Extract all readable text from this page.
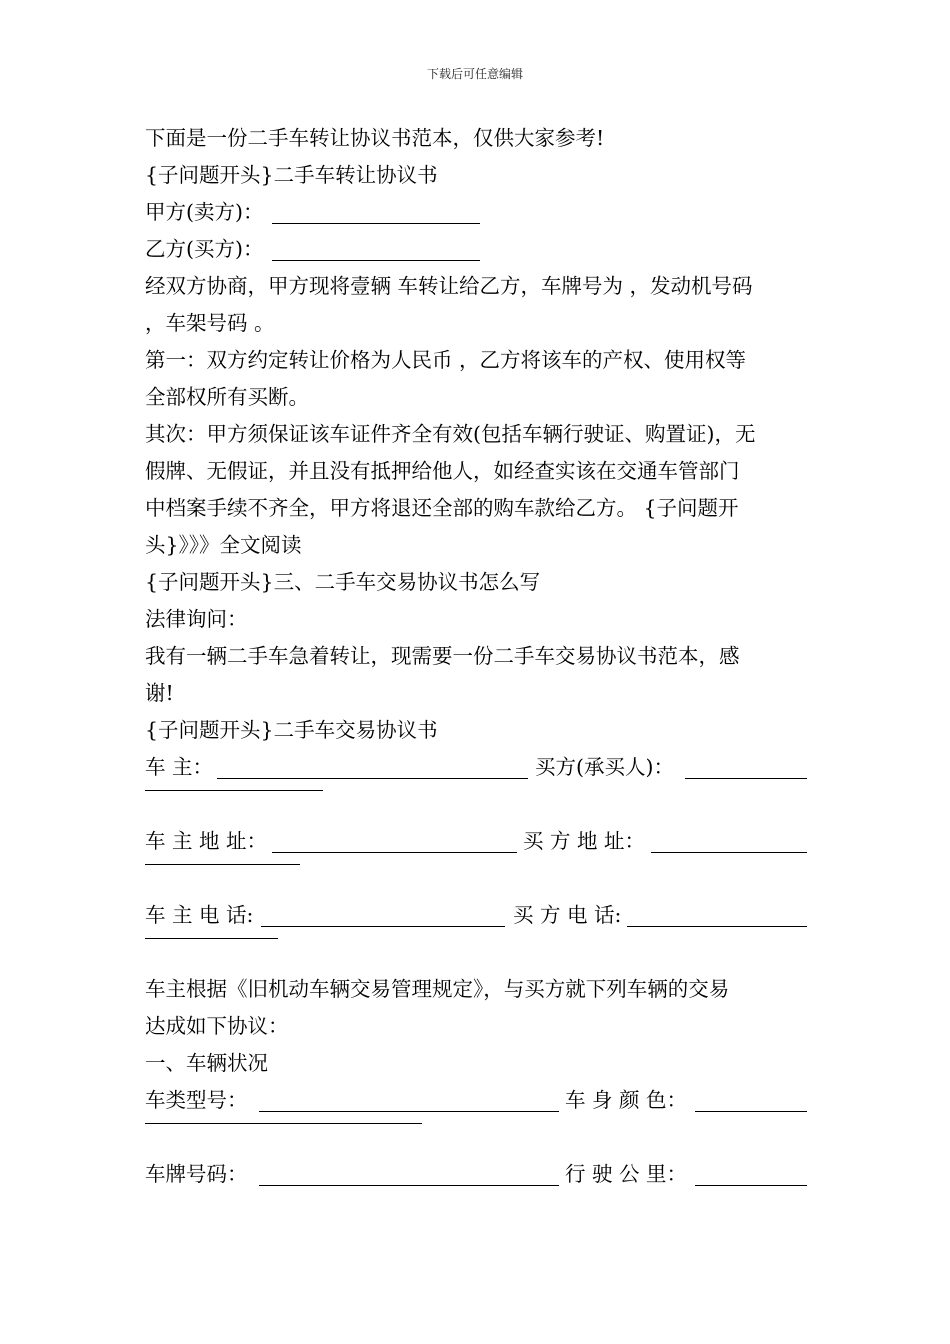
下载后可任意编辑
下面是一份二手车转让协议书范本，仅供大家参考!
{子问题开头}二手车转让协议书
甲方(卖方)：
乙方(买方)：
经双方协商，甲方现将壹辆 车转让给乙方，车牌号为 ，发动机号码
，车架号码 。
第一：双方约定转让价格为人民币 ，乙方将该车的产权、使用权等
全部权所有买断。
其次：甲方须保证该车证件齐全有效(包括车辆行驶证、购置证)，无
假牌、无假证，并且没有抵押给他人，如经查实该在交通车管部门
中档案手续不齐全，甲方将退还全部的购车款给乙方。 {子问题开
头}》》》全文阅读
{子问题开头}三、二手车交易协议书怎么写
法律询问：
我有一辆二手车急着转让，现需要一份二手车交易协议书范本，感
谢!
{子问题开头}二手车交易协议书
车 主：	买方(承买人)：
车 主 地 址：	买 方 地 址：
车 主 电 话:	买 方 电 话:
车主根据《旧机动车辆交易管理规定》，与买方就下列车辆的交易
达成如下协议：
一、车辆状况
车类型号：	车 身 颜 色：
车牌号码：	行 驶 公 里：
